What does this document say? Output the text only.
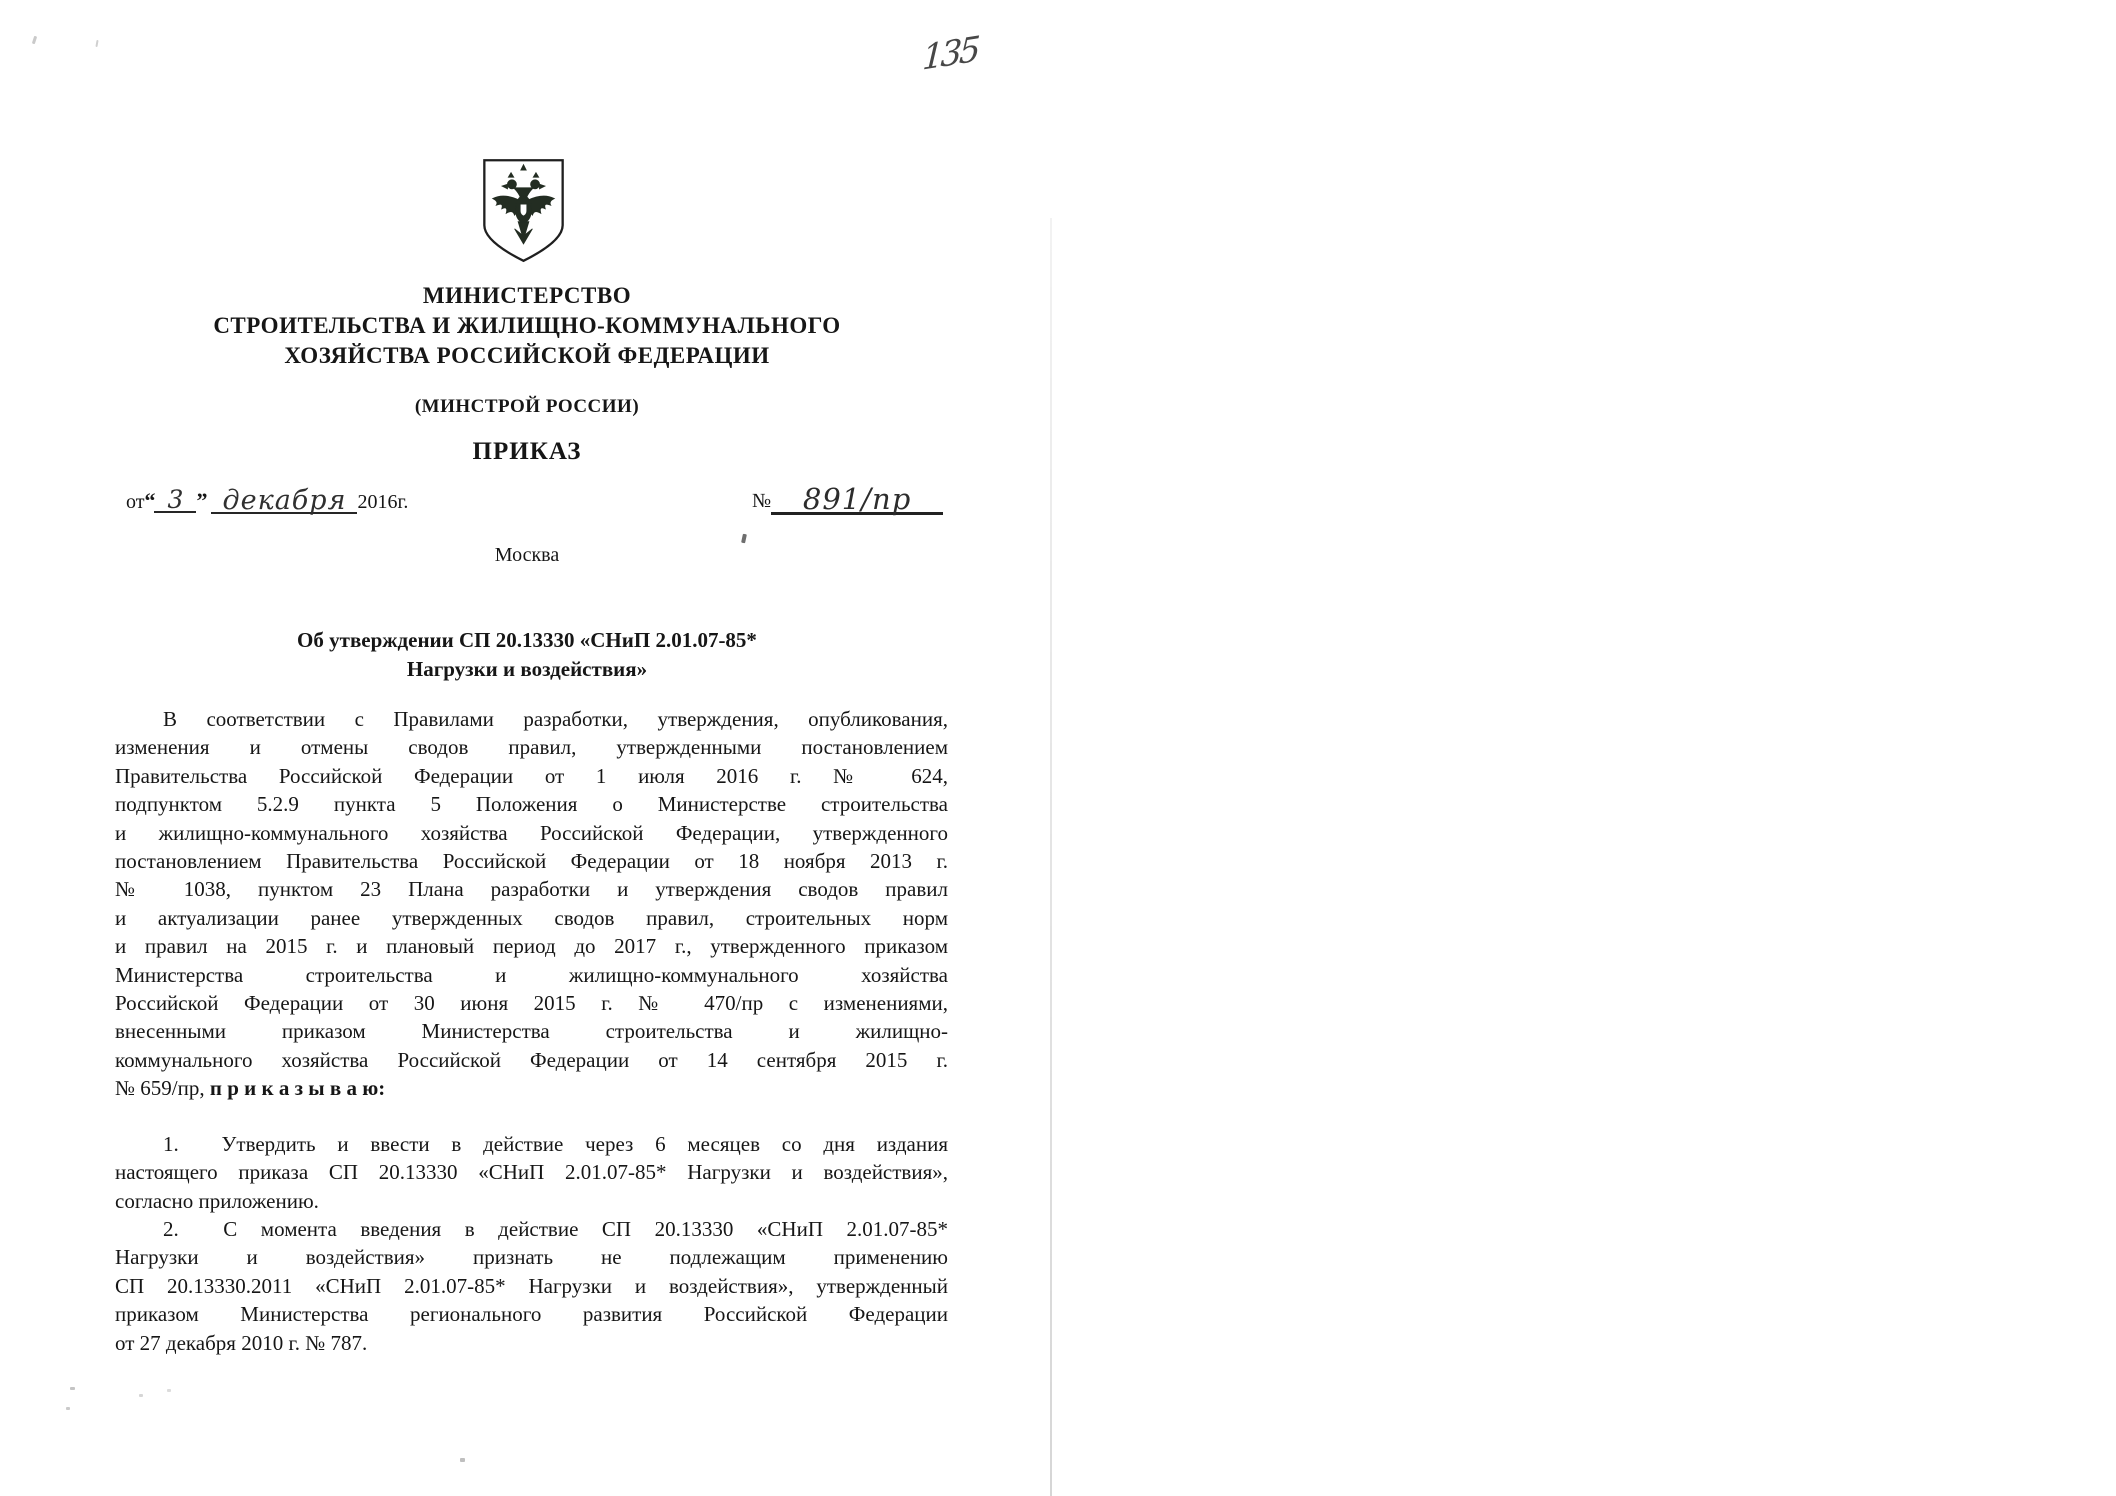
135
МИНИСТЕРСТВО
СТРОИТЕЛЬСТВА И ЖИЛИЩНО-КОММУНАЛЬНОГО
ХОЗЯЙСТВА РОССИЙСКОЙ ФЕДЕРАЦИИ
(МИНСТРОЙ РОССИИ)
ПРИКАЗ
от“ 3 ” декабря 2016г.	№ 891/пр
Москва
Об утверждении СП 20.13330 «СНиП 2.01.07-85*
Нагрузки и воздействия»
В соответствии с Правилами разработки, утверждения, опубликования,
изменения и отмены сводов правил, утвержденными постановлением
Правительства Российской Федерации от 1 июля 2016 г. № 624,
подпунктом 5.2.9 пункта 5 Положения о Министерстве строительства
и жилищно-коммунального хозяйства Российской Федерации, утвержденного
постановлением Правительства Российской Федерации от 18 ноября 2013 г.
№ 1038, пунктом 23 Плана разработки и утверждения сводов правил
и актуализации ранее утвержденных сводов правил, строительных норм
и правил на 2015 г. и плановый период до 2017 г., утвержденного приказом
Министерства строительства и жилищно-коммунального хозяйства
Российской Федерации от 30 июня 2015 г. № 470/пр с изменениями,
внесенными приказом Министерства строительства и жилищно-
коммунального хозяйства Российской Федерации от 14 сентября 2015 г.
№ 659/пр, п р и к а з ы в а ю:
1.  Утвердить и ввести в действие через 6 месяцев со дня издания
настоящего приказа СП 20.13330 «СНиП 2.01.07-85* Нагрузки и воздействия»,
согласно приложению.
2.  С момента введения в действие СП 20.13330 «СНиП 2.01.07-85*
Нагрузки и воздействия» признать не подлежащим применению
СП 20.13330.2011 «СНиП 2.01.07-85* Нагрузки и воздействия», утвержденный
приказом Министерства регионального развития Российской Федерации
от 27 декабря 2010 г. № 787.
